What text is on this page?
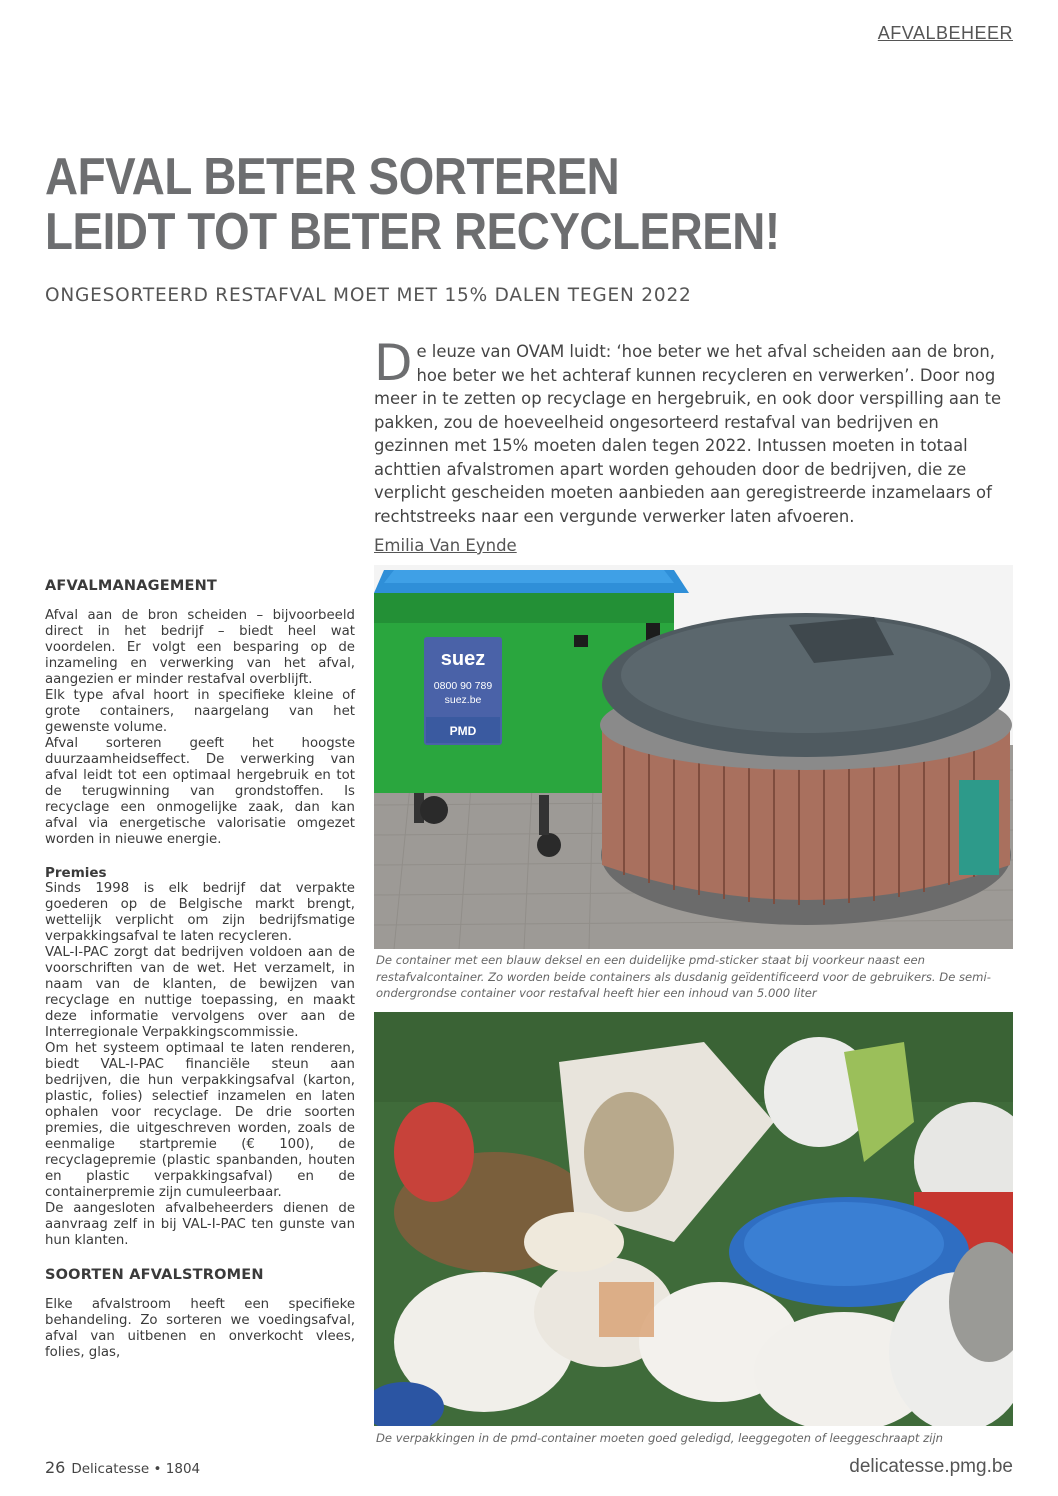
AFVALBEHEER
AFVAL BETER SORTEREN
LEIDT TOT BETER RECYCLEREN!
ONGESORTEERD RESTAFVAL MOET MET 15% DALEN TEGEN 2022
De leuze van OVAM luidt: ‘hoe beter we het afval scheiden aan de bron, hoe beter we het achteraf kunnen recycleren en verwerken’. Door nog meer in te zetten op recyclage en hergebruik, en ook door verspilling aan te pakken, zou de hoeveelheid ongesorteerd restafval van bedrijven en gezinnen met 15% moeten dalen tegen 2022. Intussen moeten in totaal achttien afvalstromen apart worden gehouden door de bedrijven, die ze verplicht gescheiden moeten aanbieden aan geregistreerde inzamelaars of rechtstreeks naar een vergunde verwerker laten afvoeren.
Emilia Van Eynde
AFVALMANAGEMENT

Afval aan de bron scheiden – bijvoorbeeld direct in het bedrijf – biedt heel wat voordelen. Er volgt een besparing op de inzameling en verwerking van het afval, aangezien er minder restafval overblijft.

Elk type afval hoort in specifieke kleine of grote containers, naargelang van het gewenste volume.

Afval sorteren geeft het hoogste duurzaamheidseffect. De verwerking van afval leidt tot een optimaal hergebruik en tot de terugwinning van grondstoffen. Is recyclage een onmogelijke zaak, dan kan afval via energetische valorisatie omgezet worden in nieuwe energie.

Premies

Sinds 1998 is elk bedrijf dat verpakte goederen op de Belgische markt brengt, wettelijk verplicht om zijn bedrijfsmatige verpakkingsafval te laten recycleren.

VAL-I-PAC zorgt dat bedrijven voldoen aan de voorschriften van de wet. Het verzamelt, in naam van de klanten, de bewijzen van recyclage en nuttige toepassing, en maakt deze informatie vervolgens over aan de Interregionale Verpakkingscommissie.

Om het systeem optimaal te laten renderen, biedt VAL-I-PAC financiële steun aan bedrijven, die hun verpakkingsafval (karton, plastic, folies) selectief inzamelen en laten ophalen voor recyclage. De drie soorten premies, die uitgeschreven worden, zoals de eenmalige startpremie (€ 100), de recyclagepremie (plastic spanbanden, houten en plastic verpakkingsafval) en de containerpremie zijn cumuleerbaar.

De aangesloten afvalbeheerders dienen de aanvraag zelf in bij VAL-I-PAC ten gunste van hun klanten.

SOORTEN AFVALSTROMEN

Elke afvalstroom heeft een specifieke behandeling. Zo sorteren we voedingsafval, afval van uitbenen en onverkocht vlees, folies, glas,

suez
0800 90 789
suez.be
PMD
De container met een blauw deksel en een duidelijke pmd-sticker staat bij voorkeur naast een restafvalcontainer. Zo worden beide containers als dusdanig geïdentificeerd voor de gebruikers. De semi-ondergrondse container voor restafval heeft hier een inhoud van 5.000 liter
De verpakkingen in de pmd-container moeten goed geledigd, leeggegoten of leeggeschraapt zijn
26 Delicatesse • 1804	delicatesse.pmg.be
